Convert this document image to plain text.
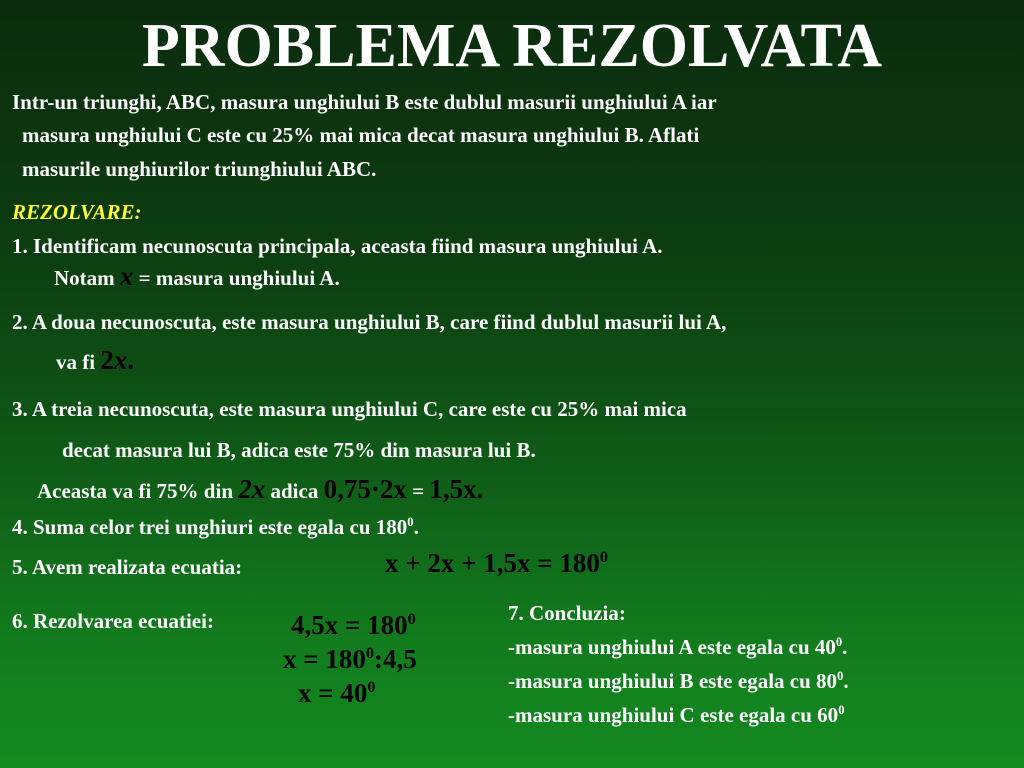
PROBLEMA REZOLVATA
Intr-un triunghi, ABC, masura unghiului B este dublul masurii unghiului A iar
masura unghiului C este cu 25% mai mica decat masura unghiului B. Aflati
masurile unghiurilor triunghiului ABC.
REZOLVARE:
1. Identificam necunoscuta principala, aceasta fiind masura unghiului A.
Notam x = masura unghiului A.
2. A doua necunoscuta, este masura unghiului B, care fiind dublul masurii lui A,
va fi 2x.
3. A treia necunoscuta, este masura unghiului C, care este cu 25% mai mica
decat masura lui B, adica este 75% din masura lui B.
Aceasta va fi 75% din 2x adica 0,75·2x = 1,5x.
4. Suma celor trei unghiuri este egala cu $180^0$.
5. Avem realizata ecuatia:	$x + 2x + 1,5x = 180^0$
6. Rezolvarea ecuatiei:	$4,5x = 180^0$
$x = 180^0:4,5$
$x = 40^0$
7. Concluzia:
-masura unghiului A este egala cu $40^0$.
-masura unghiului B este egala cu $80^0$.
-masura unghiului C este egala cu $60^0$
